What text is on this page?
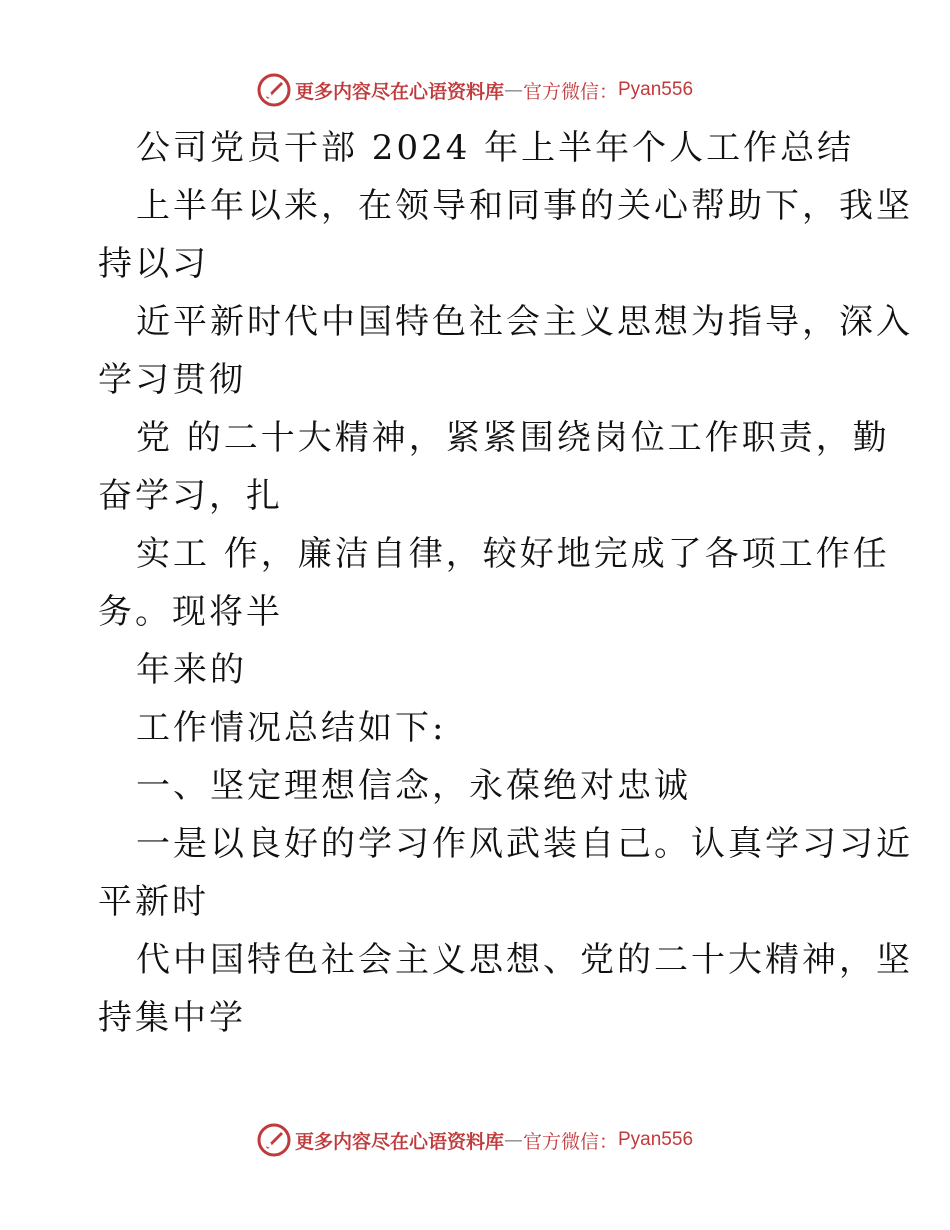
更多内容尽在心语资料库 — 官方微信： Pyan556
公司党员干部 2024 年上半年个人工作总结
上半年以来，在领导和同事的关心帮助下，我坚
持以习
近平新时代中国特色社会主义思想为指导，深入
学习贯彻
党 的二十大精神，紧紧围绕岗位工作职责，勤
奋学习，扎
实工 作，廉洁自律，较好地完成了各项工作任
务。现将半
年来的
工作情况总结如下:
一、坚定理想信念，永葆绝对忠诚
一是以良好的学习作风武装自己。认真学习习近
平新时
代中国特色社会主义思想、党的二十大精神，坚
持集中学
更多内容尽在心语资料库 — 官方微信： Pyan556
